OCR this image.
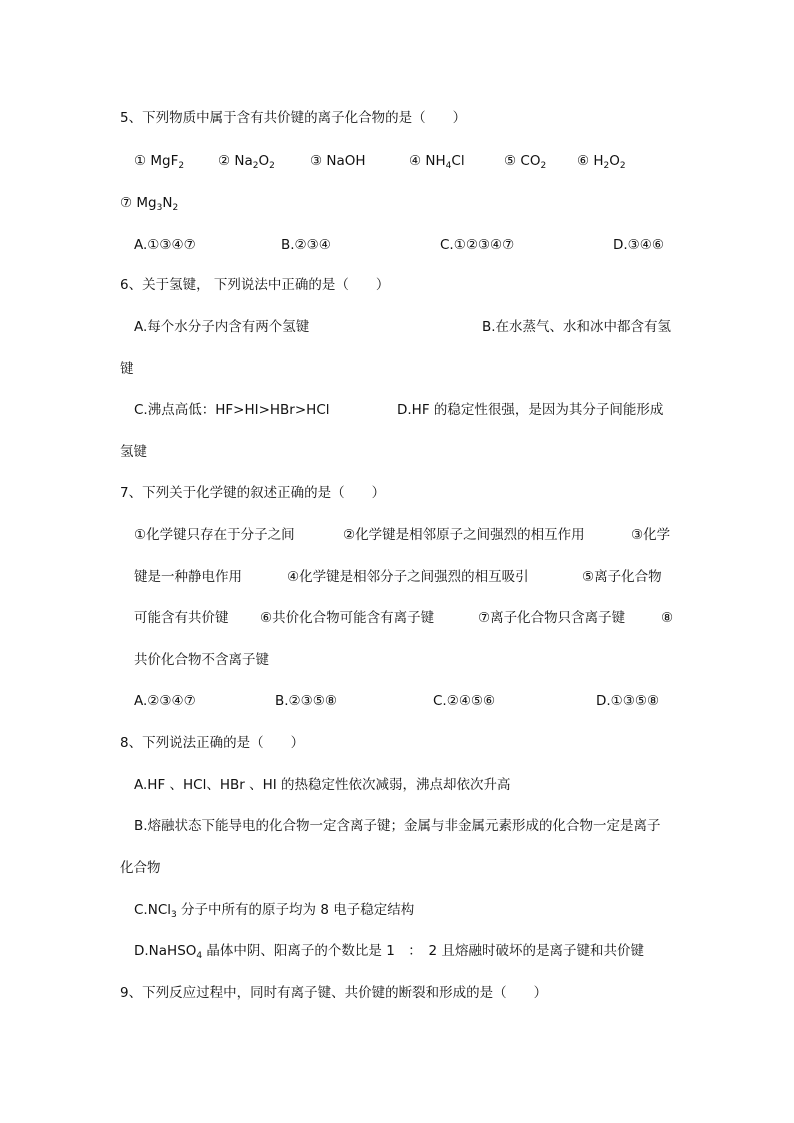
5、下列物质中属于含有共价键的离子化合物的是（　　）
① MgF$_2$	② $Na_2O_2$	③ NaOH	④ $NH_4Cl$	⑤ $CO_2$ ⑥ $H_2O_2$
⑦ $Mg_3N_2$
A.①③④⑦	B.②③④	C.①②③④⑦	D.③④⑥
6、关于氢键， 下列说法中正确的是（　　）
A.每个水分子内含有两个氢键	B.在水蒸气、水和冰中都含有氢
键
C.沸点高低：HF>HI>HBr>HCl	D.HF 的稳定性很强，是因为其分子间能形成
氢键
7、下列关于化学键的叙述正确的是（　　）
①化学键只存在于分子之间	②化学键是相邻原子之间强烈的相互作用	③化学
键是一种静电作用	④化学键是相邻分子之间强烈的相互吸引	⑤离子化合物
可能含有共价键 ⑥共价化合物可能含有离子键	⑦离子化合物只含离子键	⑧
共价化合物不含离子键
A.②③④⑦	B.②③⑤⑧	C.②④⑤⑥	D.①③⑤⑧
8、下列说法正确的是（　　）
A.HF 、HCl、HBr 、HI 的热稳定性依次减弱，沸点却依次升高
B.熔融状态下能导电的化合物一定含离子键；金属与非金属元素形成的化合物一定是离子
化合物
C.NCl$_3$ 分子中所有的原子均为 8 电子稳定结构
D.NaHSO$_4$ 晶体中阴、阳离子的个数比是 1　：　2 且熔融时破坏的是离子键和共价键
9、下列反应过程中，同时有离子键、共价键的断裂和形成的是（　　）
